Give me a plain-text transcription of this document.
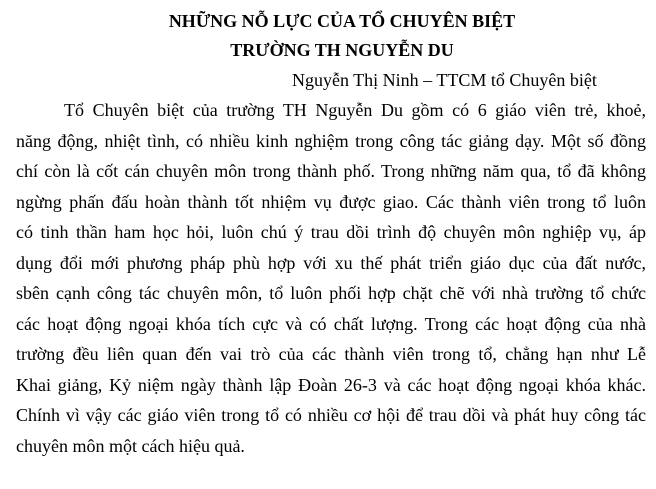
NHỮNG NỖ LỰC CỦA TỔ CHUYÊN BIỆT
TRƯỜNG TH NGUYỄN DU

Nguyễn Thị Ninh – TTCM tổ Chuyên biệt

Tổ Chuyên biệt của trường TH Nguyễn Du gồm có 6 giáo viên trẻ, khoẻ,
năng động, nhiệt tình, có nhiều kinh nghiệm trong công tác giảng dạy. Một số đồng
chí còn là cốt cán chuyên môn trong thành phố. Trong những năm qua, tổ đã không
ngừng phấn đấu hoàn thành tốt nhiệm vụ được giao. Các thành viên trong tổ luôn
có tinh thần ham học hỏi, luôn chú ý trau dồi trình độ chuyên môn nghiệp vụ, áp
dụng đổi mới phương pháp phù hợp với xu thế phát triển giáo dục của đất nước,
sbên cạnh công tác chuyên môn, tổ luôn phối hợp chặt chẽ với nhà trường tổ chức
các hoạt động ngoại khóa tích cực và có chất lượng. Trong các hoạt động của nhà
trường đều liên quan đến vai trò của các thành viên trong tổ, chẳng hạn như Lễ
Khai giảng, Kỷ niệm ngày thành lập Đoàn 26-3 và các hoạt động ngoại khóa khác.
Chính vì vậy các giáo viên trong tổ có nhiều cơ hội để trau dồi và phát huy công tác
chuyên môn một cách hiệu quả.
